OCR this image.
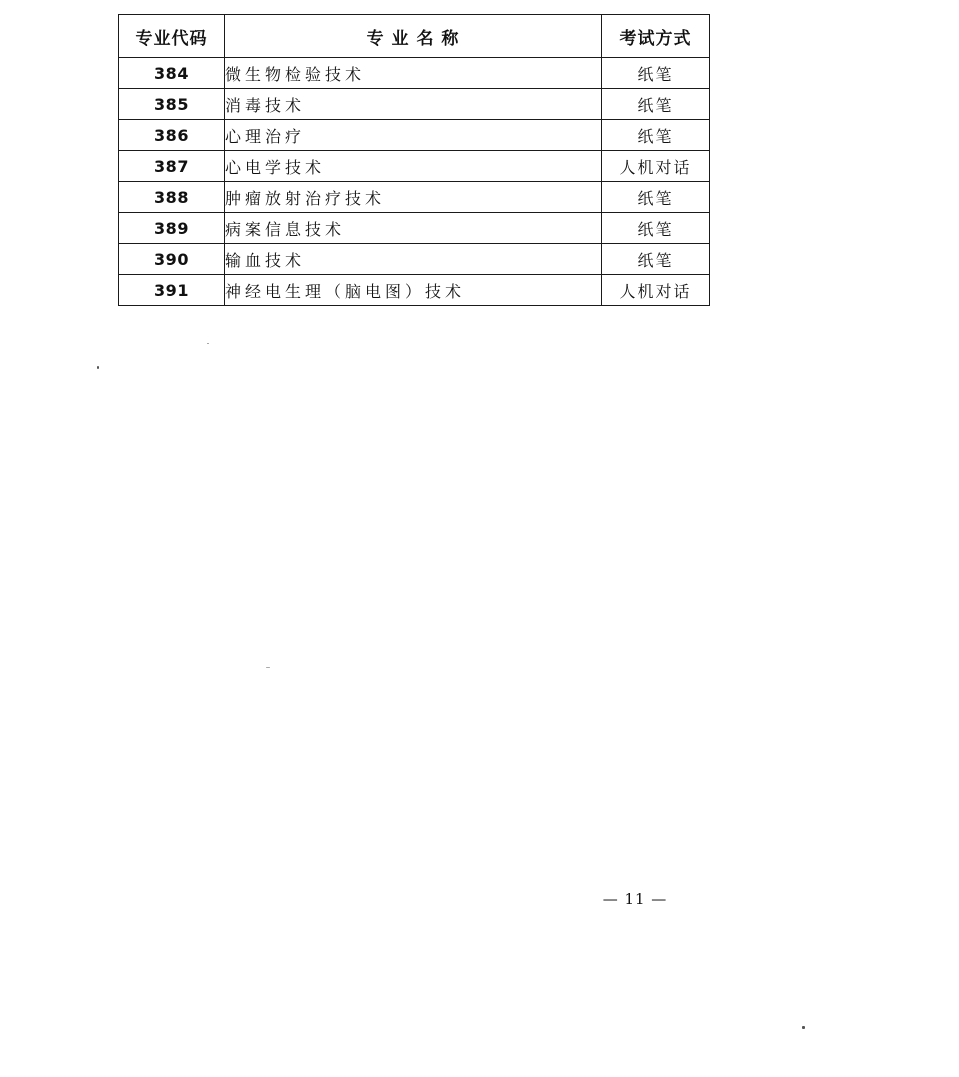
专业代码	专 业 名 称	考试方式
384	微生物检验技术	纸笔
385	消毒技术	纸笔
386	心理治疗	纸笔
387	心电学技术	人机对话
388	肿瘤放射治疗技术	纸笔
389	病案信息技术	纸笔
390	输血技术	纸笔
391	神经电生理（脑电图）技术	人机对话
— 11 —
